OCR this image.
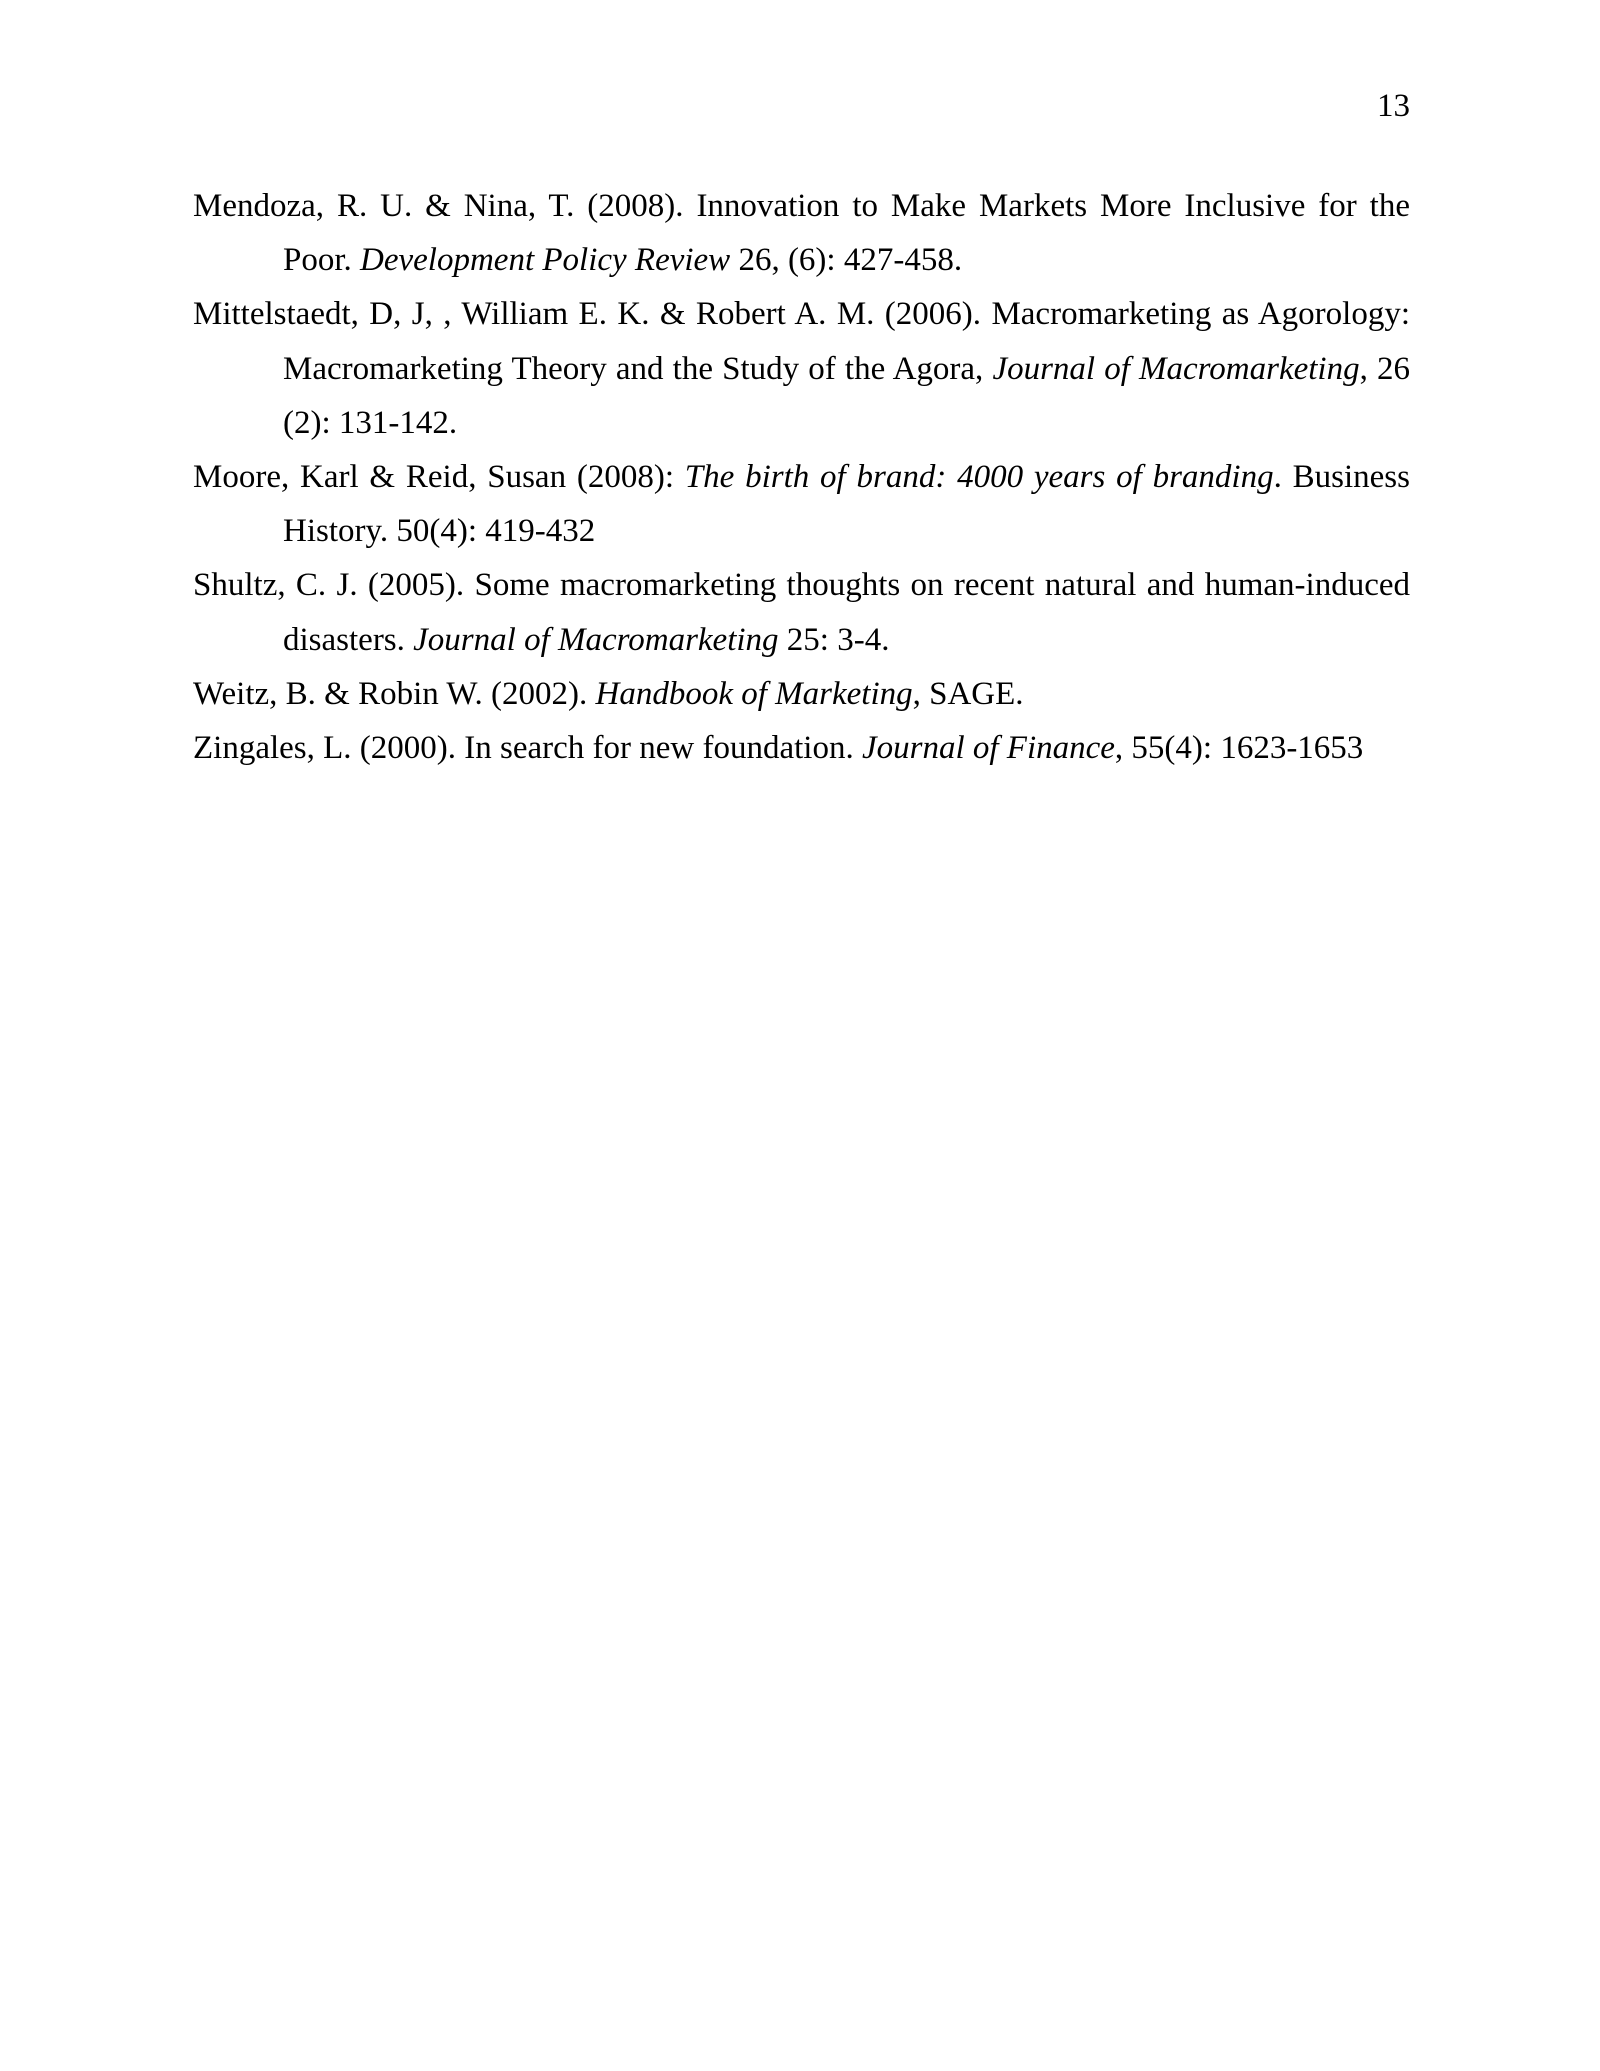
13

Mendoza, R. U. & Nina, T. (2008). Innovation to Make Markets More Inclusive for the Poor. Development Policy Review 26, (6): 427-458.

Mittelstaedt, D, J, , William E. K. & Robert A. M. (2006). Macromarketing as Agorology: Macromarketing Theory and the Study of the Agora, Journal of Macromarketing, 26 (2): 131-142.

Moore, Karl & Reid, Susan (2008): The birth of brand: 4000 years of branding. Business History. 50(4): 419-432

Shultz, C. J. (2005). Some macromarketing thoughts on recent natural and human-induced disasters. Journal of Macromarketing 25: 3-4.

Weitz, B. & Robin W. (2002). Handbook of Marketing, SAGE.

Zingales, L. (2000). In search for new foundation. Journal of Finance, 55(4): 1623-1653
